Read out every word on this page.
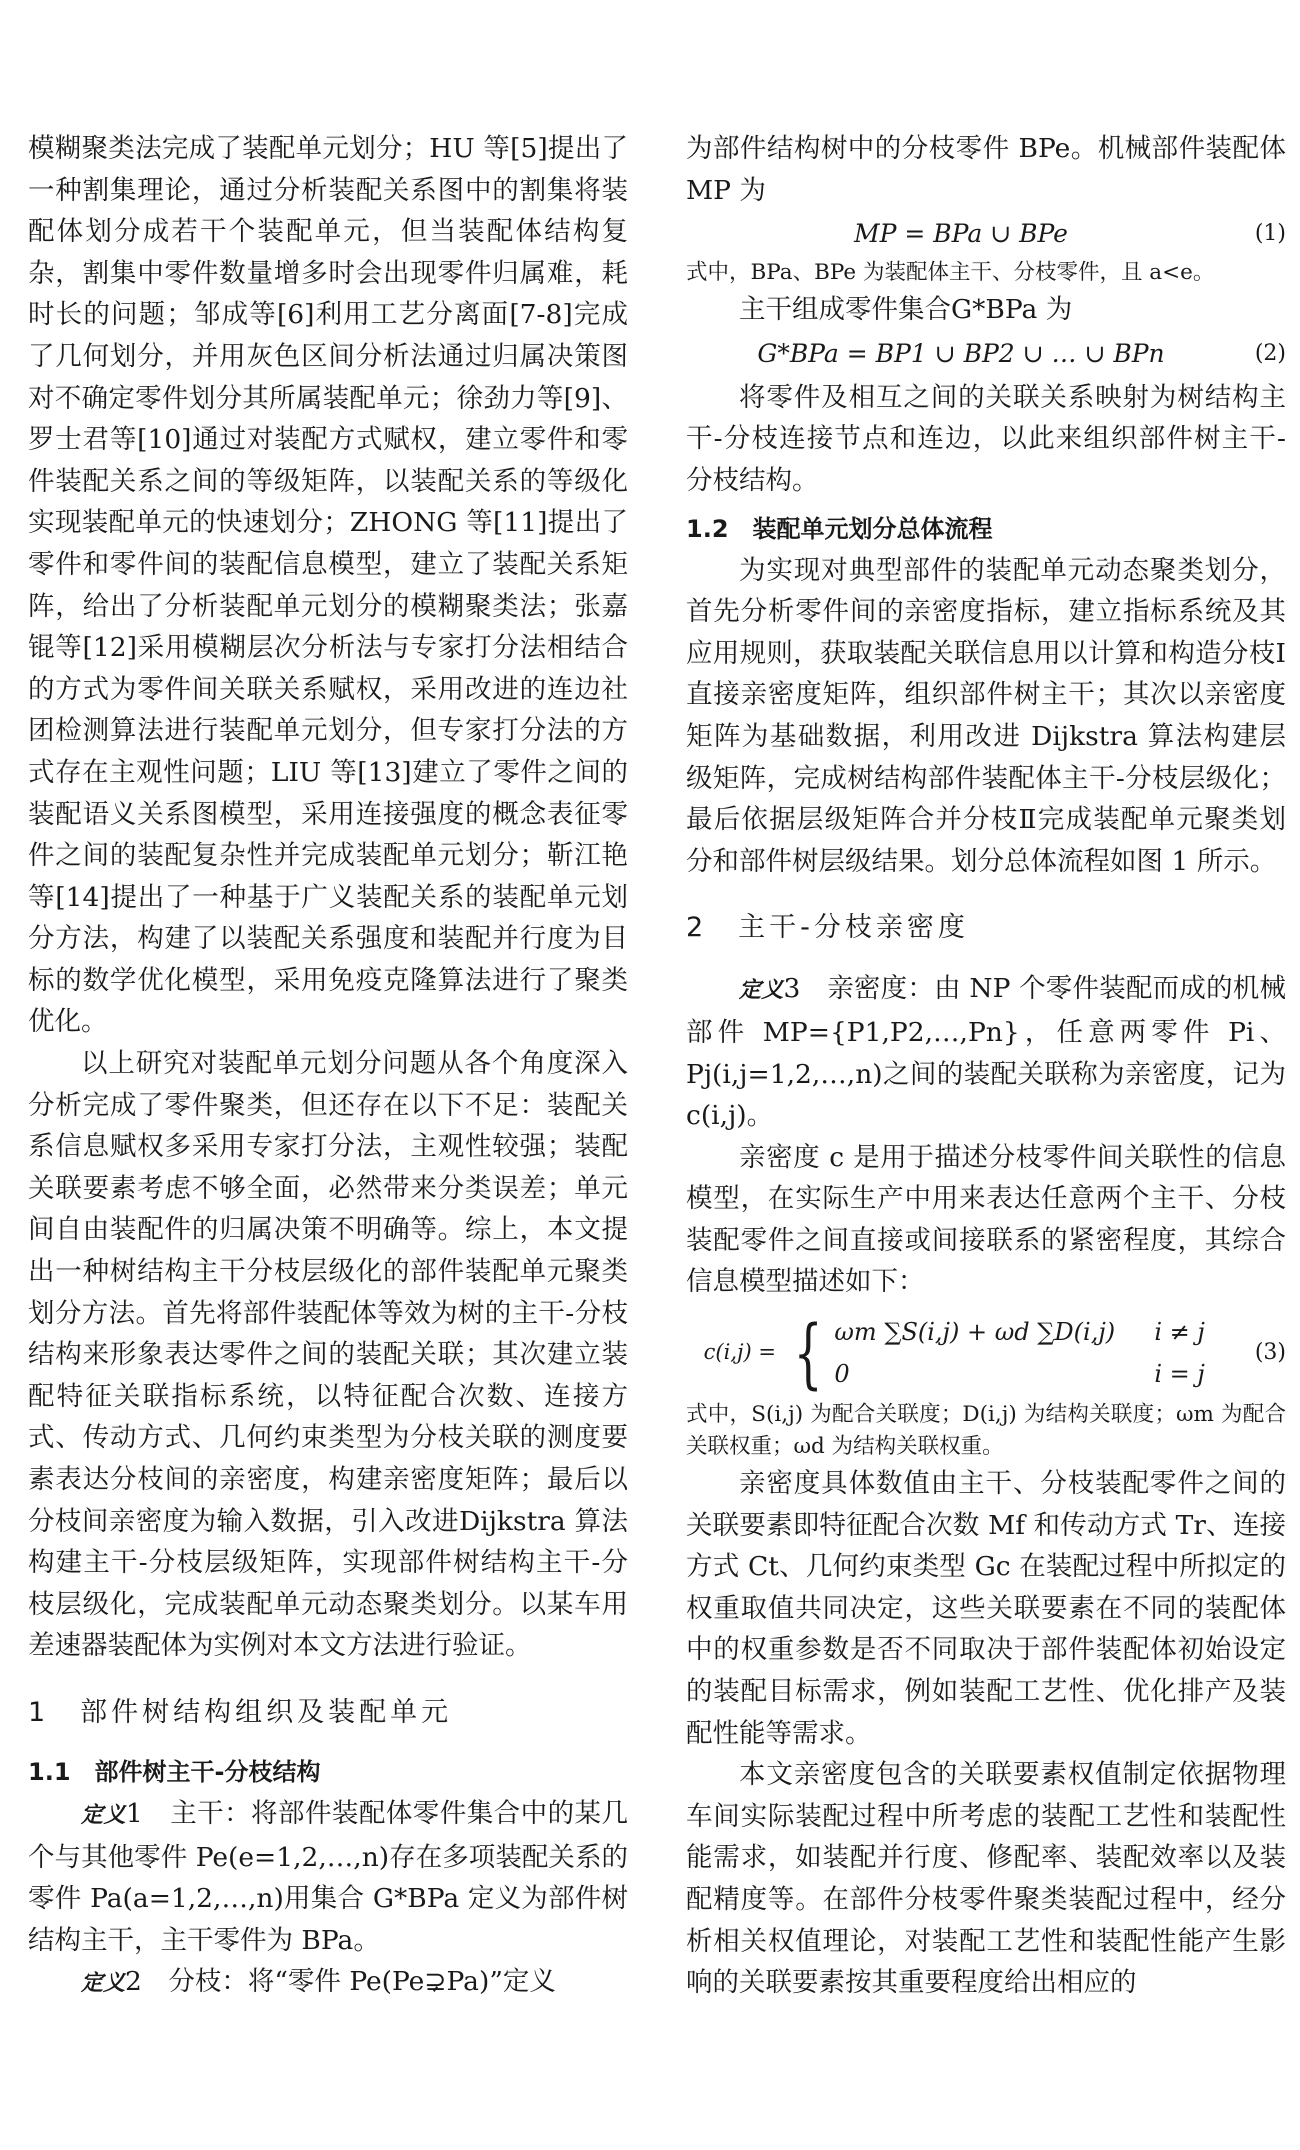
模糊聚类法完成了装配单元划分；HU 等[5]提出了一种割集理论，通过分析装配关系图中的割集将装配体划分成若干个装配单元，但当装配体结构复杂，割集中零件数量增多时会出现零件归属难，耗时长的问题；邹成等[6]利用工艺分离面[7-8]完成了几何划分，并用灰色区间分析法通过归属决策图对不确定零件划分其所属装配单元；徐劲力等[9]、罗士君等[10]通过对装配方式赋权，建立零件和零件装配关系之间的等级矩阵，以装配关系的等级化实现装配单元的快速划分；ZHONG 等[11]提出了零件和零件间的装配信息模型，建立了装配关系矩阵，给出了分析装配单元划分的模糊聚类法；张嘉锟等[12]采用模糊层次分析法与专家打分法相结合的方式为零件间关联关系赋权，采用改进的连边社团检测算法进行装配单元划分，但专家打分法的方式存在主观性问题；LIU 等[13]建立了零件之间的装配语义关系图模型，采用连接强度的概念表征零件之间的装配复杂性并完成装配单元划分；靳江艳等[14]提出了一种基于广义装配关系的装配单元划分方法，构建了以装配关系强度和装配并行度为目标的数学优化模型，采用免疫克隆算法进行了聚类优化。

以上研究对装配单元划分问题从各个角度深入分析完成了零件聚类，但还存在以下不足：装配关系信息赋权多采用专家打分法，主观性较强；装配关联要素考虑不够全面，必然带来分类误差；单元间自由装配件的归属决策不明确等。综上，本文提出一种树结构主干分枝层级化的部件装配单元聚类划分方法。首先将部件装配体等效为树的主干-分枝结构来形象表达零件之间的装配关联；其次建立装配特征关联指标系统，以特征配合次数、连接方式、传动方式、几何约束类型为分枝关联的测度要素表达分枝间的亲密度，构建亲密度矩阵；最后以分枝间亲密度为输入数据，引入改进Dijkstra 算法构建主干-分枝层级矩阵，实现部件树结构主干-分枝层级化，完成装配单元动态聚类划分。以某车用差速器装配体为实例对本文方法进行验证。

1　部件树结构组织及装配单元
1.1　部件树主干-分枝结构

定义1　主干：将部件装配体零件集合中的某几个与其他零件 Pe(e=1,2,…,n)存在多项装配关系的零件 Pa(a=1,2,…,n)用集合 G*BPa 定义为部件树结构主干，主干零件为 BPa。

定义2　分枝：将“零件 Pe(Pe⊋Pa)”定义

为部件结构树中的分枝零件 BPe。机械部件装配体 MP 为

MP = BPa ∪ BPe	(1)

式中，BPa、BPe 为装配体主干、分枝零件，且 a<e。

主干组成零件集合G*BPa 为

G*BPa = BP1 ∪ BP2 ∪ … ∪ BPn	(2)

将零件及相互之间的关联关系映射为树结构主干-分枝连接节点和连边，以此来组织部件树主干-分枝结构。

1.2　装配单元划分总体流程

为实现对典型部件的装配单元动态聚类划分，首先分析零件间的亲密度指标，建立指标系统及其应用规则，获取装配关联信息用以计算和构造分枝Ⅰ直接亲密度矩阵，组织部件树主干；其次以亲密度矩阵为基础数据，利用改进 Dijkstra 算法构建层级矩阵，完成树结构部件装配体主干-分枝层级化；最后依据层级矩阵合并分枝Ⅱ完成装配单元聚类划分和部件树层级结果。划分总体流程如图 1 所示。

2　主干-分枝亲密度

定义3　亲密度：由 NP 个零件装配而成的机械部件 MP={P1,P2,…,Pn}，任意两零件 Pi、Pj(i,j=1,2,…,n)之间的装配关联称为亲密度，记为 c(i,j)。

亲密度 c 是用于描述分枝零件间关联性的信息模型，在实际生产中用来表达任意两个主干、分枝装配零件之间直接或间接联系的紧密程度，其综合信息模型描述如下：

c(i,j) = { ωm ∑S(i,j) + ωd ∑D(i,j)	i ≠ j
0	i = j
(3)

式中，S(i,j) 为配合关联度；D(i,j) 为结构关联度；ωm 为配合关联权重；ωd 为结构关联权重。

亲密度具体数值由主干、分枝装配零件之间的关联要素即特征配合次数 Mf 和传动方式 Tr、连接方式 Ct、几何约束类型 Gc 在装配过程中所拟定的权重取值共同决定，这些关联要素在不同的装配体中的权重参数是否不同取决于部件装配体初始设定的装配目标需求，例如装配工艺性、优化排产及装配性能等需求。

本文亲密度包含的关联要素权值制定依据物理车间实际装配过程中所考虑的装配工艺性和装配性能需求，如装配并行度、修配率、装配效率以及装配精度等。在部件分枝零件聚类装配过程中，经分析相关权值理论，对装配工艺性和装配性能产生影响的关联要素按其重要程度给出相应的
